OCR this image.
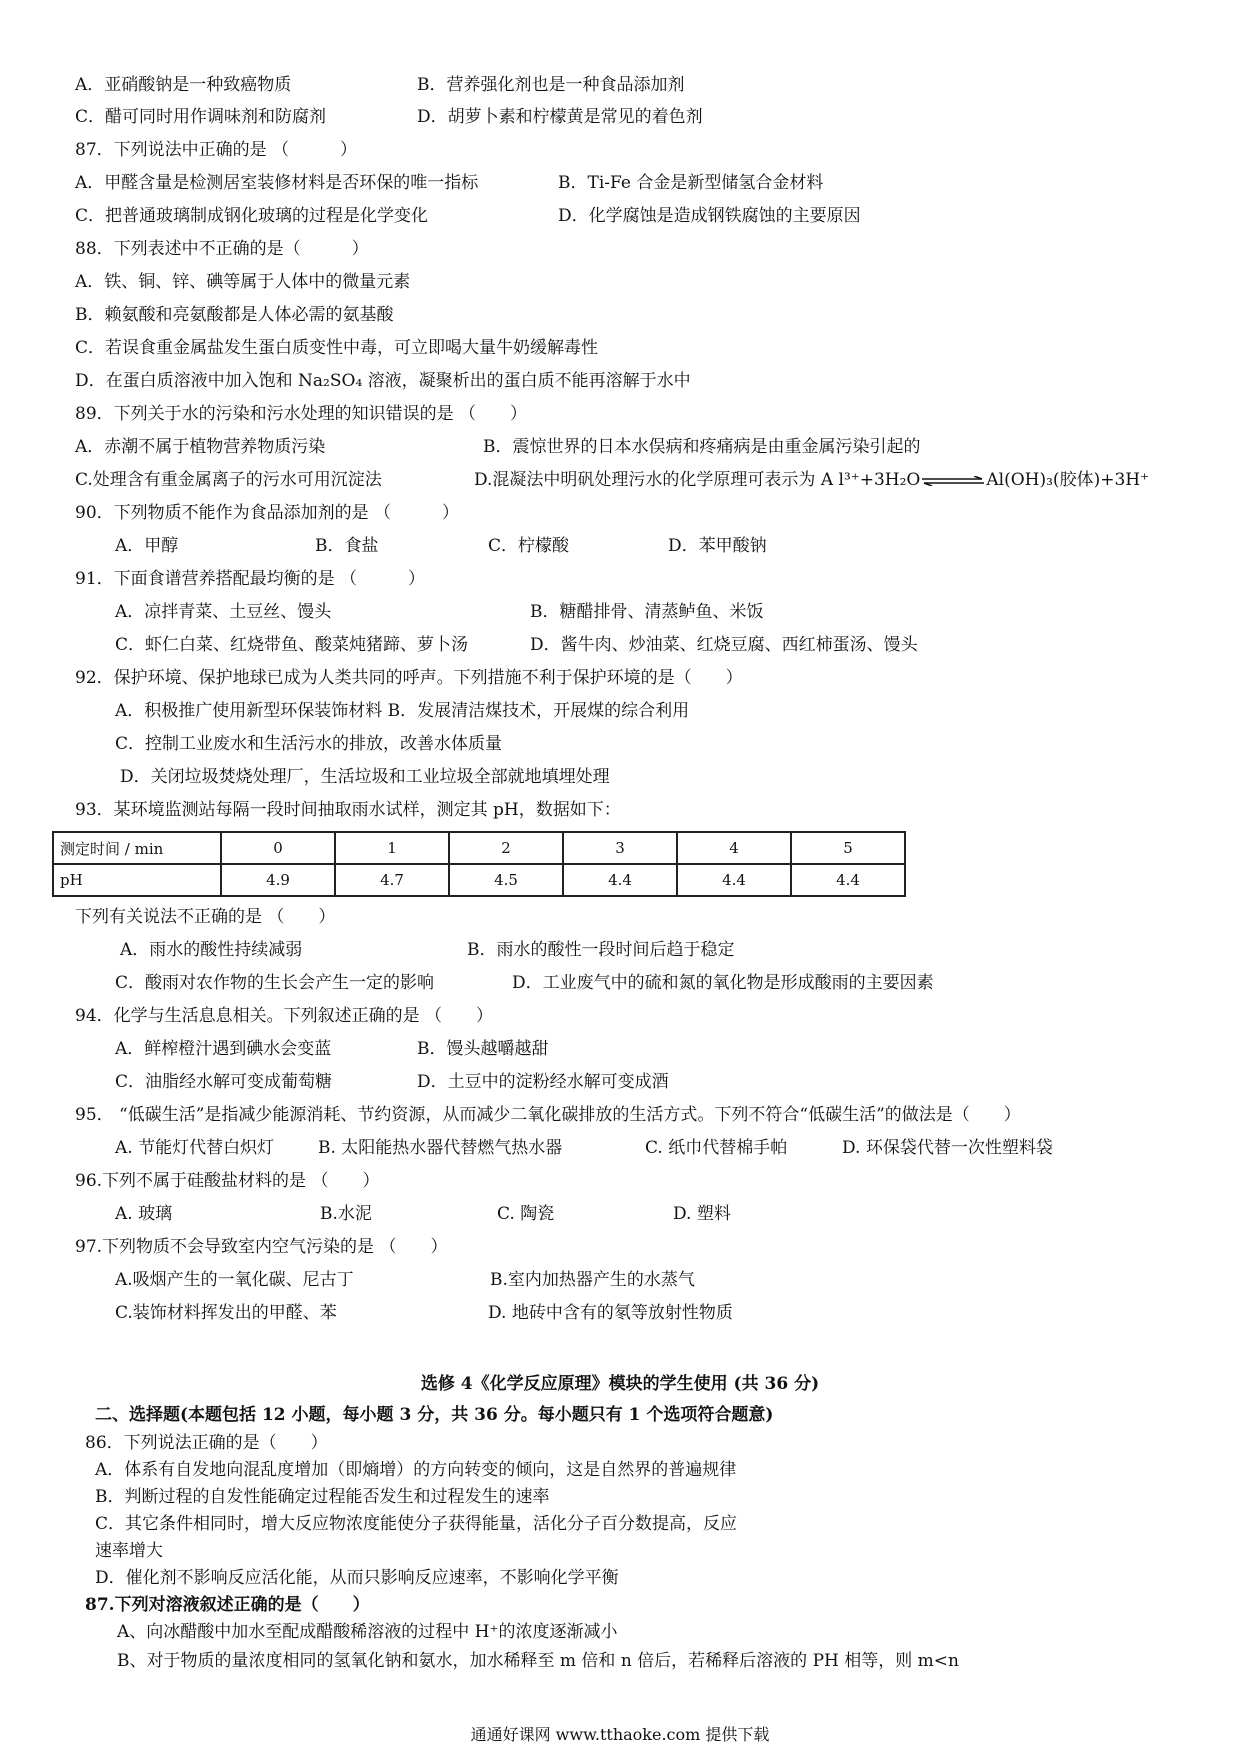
A．亚硝酸钠是一种致癌物质	B．营养强化剂也是一种食品添加剂
C．醋可同时用作调味剂和防腐剂	D．胡萝卜素和柠檬黄是常见的着色剂
87．下列说法中正确的是 （　　　）
A．甲醛含量是检测居室装修材料是否环保的唯一指标	B．Ti-Fe 合金是新型储氢合金材料
C．把普通玻璃制成钢化玻璃的过程是化学变化	D．化学腐蚀是造成钢铁腐蚀的主要原因
88．下列表述中不正确的是（　　　）
A．铁、铜、锌、碘等属于人体中的微量元素
B．赖氨酸和亮氨酸都是人体必需的氨基酸
C．若误食重金属盐发生蛋白质变性中毒，可立即喝大量牛奶缓解毒性
D．在蛋白质溶液中加入饱和 Na₂SO₄ 溶液，凝聚析出的蛋白质不能再溶解于水中
89．下列关于水的污染和污水处理的知识错误的是 （　　）
A．赤潮不属于植物营养物质污染	B．震惊世界的日本水俣病和疼痛病是由重金属污染引起的
C.处理含有重金属离子的污水可用沉淀法	D.混凝法中明矾处理污水的化学原理可表示为 A l³⁺+3H₂O ⇌ Al(OH)₃(胶体)+3H⁺
90．下列物质不能作为食品添加剂的是 （　　　）
A．甲醇	B．食盐	C．柠檬酸	D．苯甲酸钠
91．下面食谱营养搭配最均衡的是 （　　　）
A．凉拌青菜、土豆丝、馒头	B．糖醋排骨、清蒸鲈鱼、米饭
C．虾仁白菜、红烧带鱼、酸菜炖猪蹄、萝卜汤	D．酱牛肉、炒油菜、红烧豆腐、西红柿蛋汤、馒头
92．保护环境、保护地球已成为人类共同的呼声。下列措施不利于保护环境的是（　　）
A．积极推广使用新型环保装饰材料 B．发展清洁煤技术，开展煤的综合利用
C．控制工业废水和生活污水的排放，改善水体质量
D．关闭垃圾焚烧处理厂，生活垃圾和工业垃圾全部就地填埋处理
93．某环境监测站每隔一段时间抽取雨水试样，测定其 pH，数据如下：
测定时间 / min	0	1	2	3	4	5
pH	4.9	4.7	4.5	4.4	4.4	4.4
下列有关说法不正确的是 （　　）
A．雨水的酸性持续减弱	B．雨水的酸性一段时间后趋于稳定
C．酸雨对农作物的生长会产生一定的影响	D．工业废气中的硫和氮的氧化物是形成酸雨的主要因素
94．化学与生活息息相关。下列叙述正确的是 （　　）
A．鲜榨橙汁遇到碘水会变蓝	B．馒头越嚼越甜
C．油脂经水解可变成葡萄糖	D．土豆中的淀粉经水解可变成酒
95． “低碳生活”是指减少能源消耗、节约资源，从而减少二氧化碳排放的生活方式。下列不符合“低碳生活”的做法是（　　）
A. 节能灯代替白炽灯	B. 太阳能热水器代替燃气热水器	C. 纸巾代替棉手帕	D. 环保袋代替一次性塑料袋
96.下列不属于硅酸盐材料的是 （　　）
A. 玻璃	B.水泥	C. 陶瓷	D. 塑料
97.下列物质不会导致室内空气污染的是 （　　）
A.吸烟产生的一氧化碳、尼古丁	B.室内加热器产生的水蒸气
C.装饰材料挥发出的甲醛、苯	D. 地砖中含有的氡等放射性物质
选修 4《化学反应原理》模块的学生使用 (共 36 分)
二、选择题(本题包括 12 小题，每小题 3 分，共 36 分。每小题只有 1 个选项符合题意)
86．下列说法正确的是（　　）
A．体系有自发地向混乱度增加（即熵增）的方向转变的倾向，这是自然界的普遍规律
B．判断过程的自发性能确定过程能否发生和过程发生的速率
C．其它条件相同时，增大反应物浓度能使分子获得能量，活化分子百分数提高，反应
速率增大
D．催化剂不影响反应活化能，从而只影响反应速率，不影响化学平衡
87.下列对溶液叙述正确的是（　　）
A、向冰醋酸中加水至配成醋酸稀溶液的过程中 H⁺的浓度逐渐减小
B、对于物质的量浓度相同的氢氧化钠和氨水，加水稀释至 m 倍和 n 倍后，若稀释后溶液的 PH 相等，则 m<n
通通好课网 www.tthaoke.com 提供下载
